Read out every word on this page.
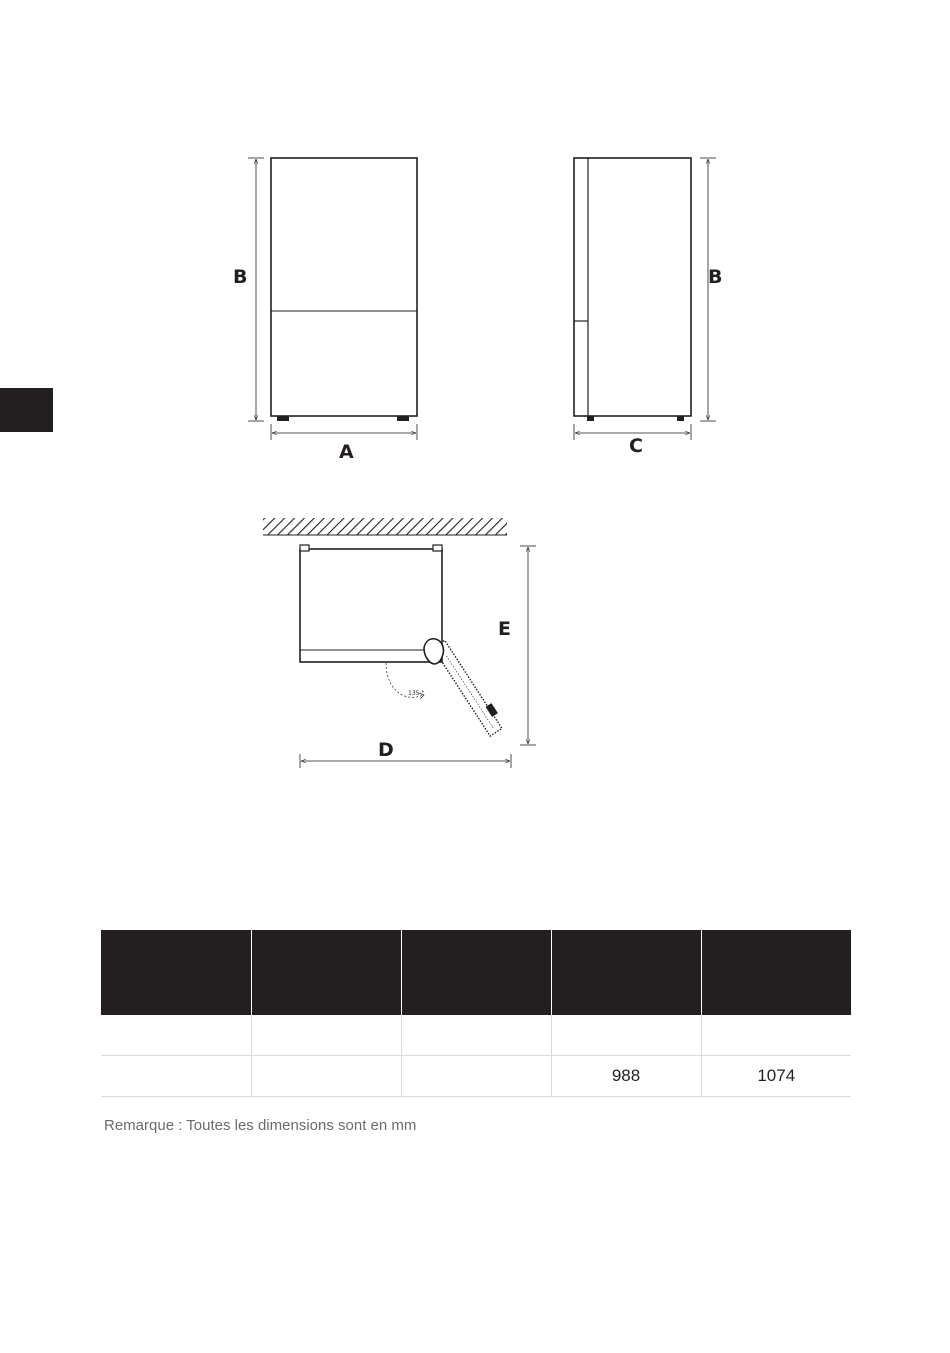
B
A
B
C
135 °
E
D

			988	1074
Remarque : Toutes les dimensions sont en mm
